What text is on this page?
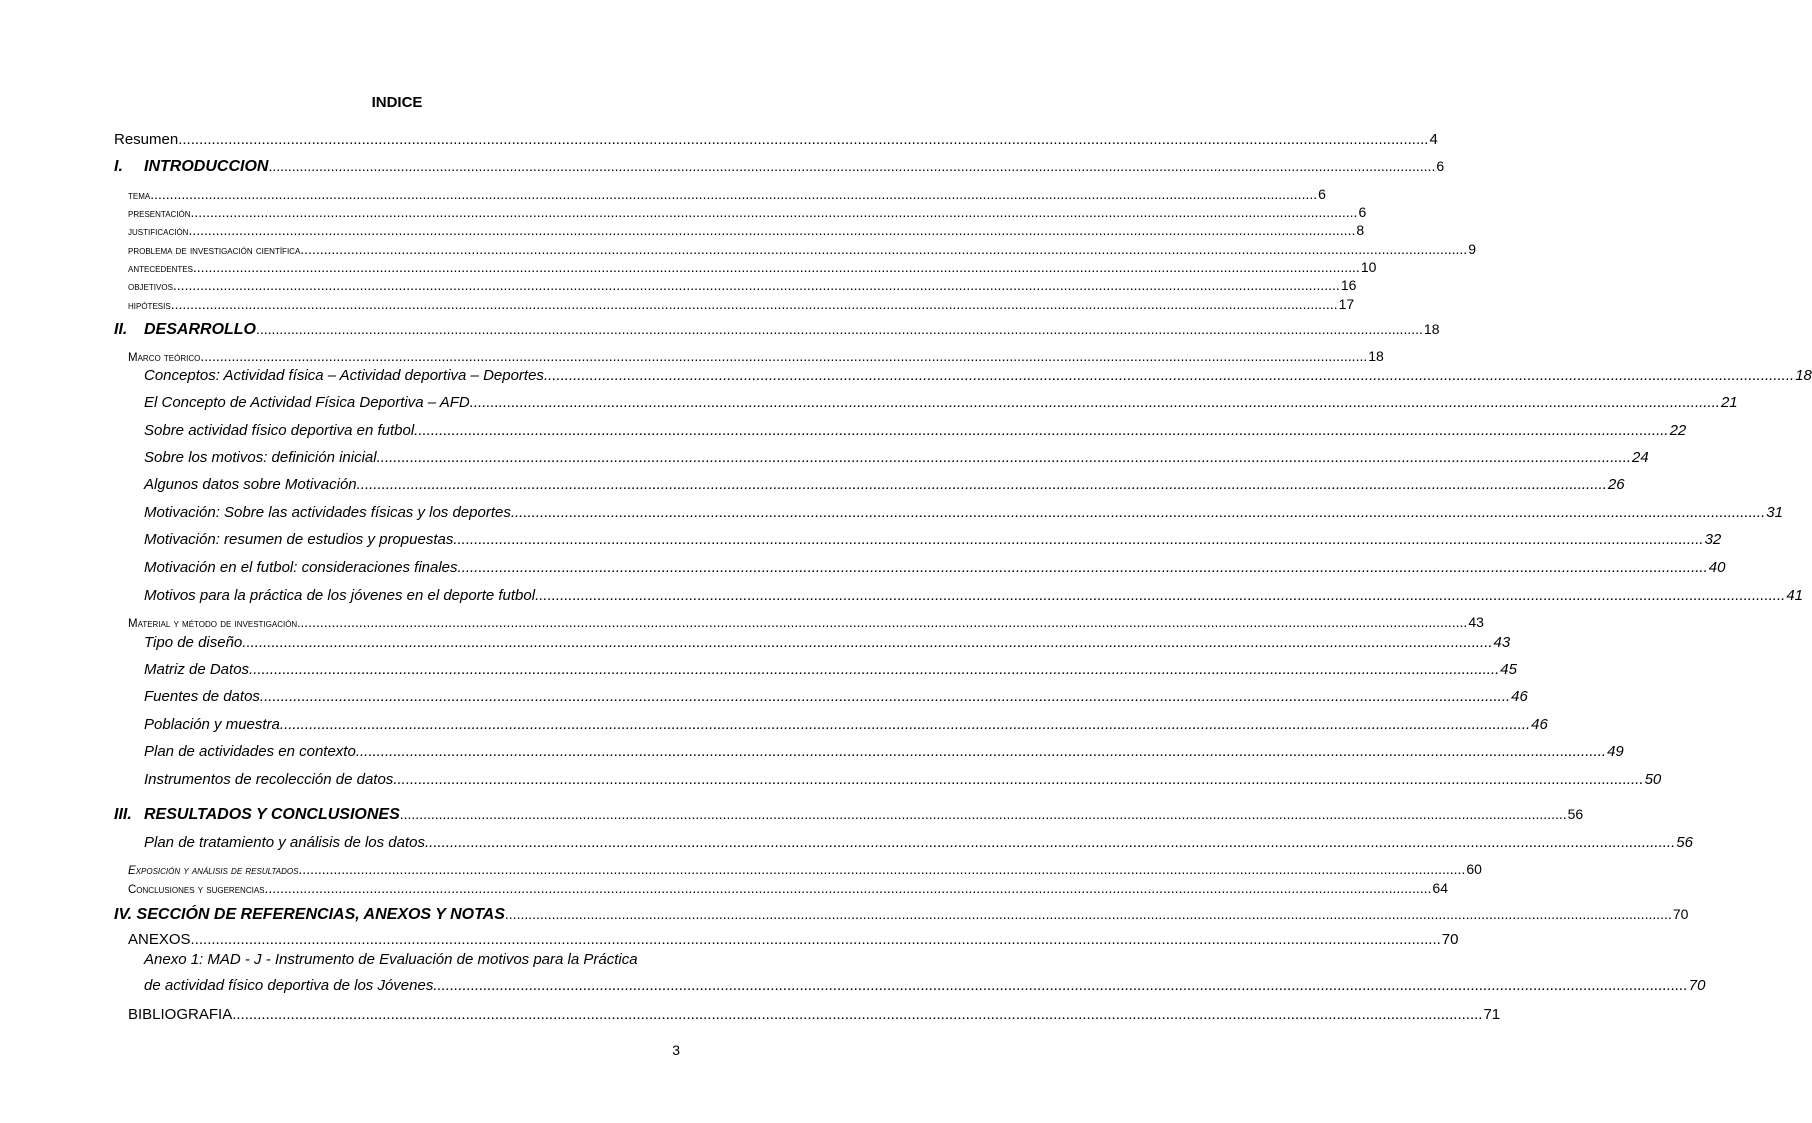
INDICE
Resumen ............................................................................................................................................................................................................................................................................................................ 4
I. INTRODUCCION ............................................................................................................................................................................................................................................................................................................ 6
tema ............................................................................................................................................................................................................................................................................................................ 6
presentación ............................................................................................................................................................................................................................................................................................................ 6
justificación ............................................................................................................................................................................................................................................................................................................ 8
problema de investigación científica ............................................................................................................................................................................................................................................................................................................ 9
antecedentes ............................................................................................................................................................................................................................................................................................................ 10
objetivos ............................................................................................................................................................................................................................................................................................................ 16
hipótesis ............................................................................................................................................................................................................................................................................................................ 17
II. DESARROLLO ............................................................................................................................................................................................................................................................................................................ 18
Marco teórico ............................................................................................................................................................................................................................................................................................................ 18
Conceptos: Actividad física – Actividad deportiva – Deportes ............................................................................................................................................................................................................................................................................................................ 18
El Concepto de Actividad Física Deportiva – AFD ............................................................................................................................................................................................................................................................................................................ 21
Sobre actividad físico deportiva en futbol. ............................................................................................................................................................................................................................................................................................................ 22
Sobre los motivos: definición inicial. ............................................................................................................................................................................................................................................................................................................ 24
Algunos datos sobre Motivación ............................................................................................................................................................................................................................................................................................................ 26
Motivación: Sobre las actividades físicas y los deportes. ............................................................................................................................................................................................................................................................................................................ 31
Motivación: resumen de estudios y propuestas ............................................................................................................................................................................................................................................................................................................ 32
Motivación en el futbol: consideraciones finales ............................................................................................................................................................................................................................................................................................................ 40
Motivos para la práctica de los jóvenes en el deporte futbol ............................................................................................................................................................................................................................................................................................................ 41
Material y método de investigación. ............................................................................................................................................................................................................................................................................................................ 43
Tipo de diseño ............................................................................................................................................................................................................................................................................................................ 43
Matriz de Datos ............................................................................................................................................................................................................................................................................................................ 45
Fuentes de datos ............................................................................................................................................................................................................................................................................................................ 46
Población y muestra ............................................................................................................................................................................................................................................................................................................ 46
Plan de actividades en contexto ............................................................................................................................................................................................................................................................................................................ 49
Instrumentos de recolección de datos ............................................................................................................................................................................................................................................................................................................ 50
III. RESULTADOS Y CONCLUSIONES ............................................................................................................................................................................................................................................................................................................ 56
Plan de tratamiento y análisis de los datos ............................................................................................................................................................................................................................................................................................................ 56
Exposición y análisis de resultados ............................................................................................................................................................................................................................................................................................................ 60
Conclusiones y sugerencias ............................................................................................................................................................................................................................................................................................................ 64
IV. SECCIÓN DE REFERENCIAS, ANEXOS Y NOTAS ............................................................................................................................................................................................................................................................................................................ 70
ANEXOS ............................................................................................................................................................................................................................................................................................................ 70
Anexo 1: MAD - J - Instrumento de Evaluación de motivos para la Práctica
de actividad físico deportiva de los Jóvenes. ............................................................................................................................................................................................................................................................................................................ 70
BIBLIOGRAFIA ............................................................................................................................................................................................................................................................................................................ 71
3
